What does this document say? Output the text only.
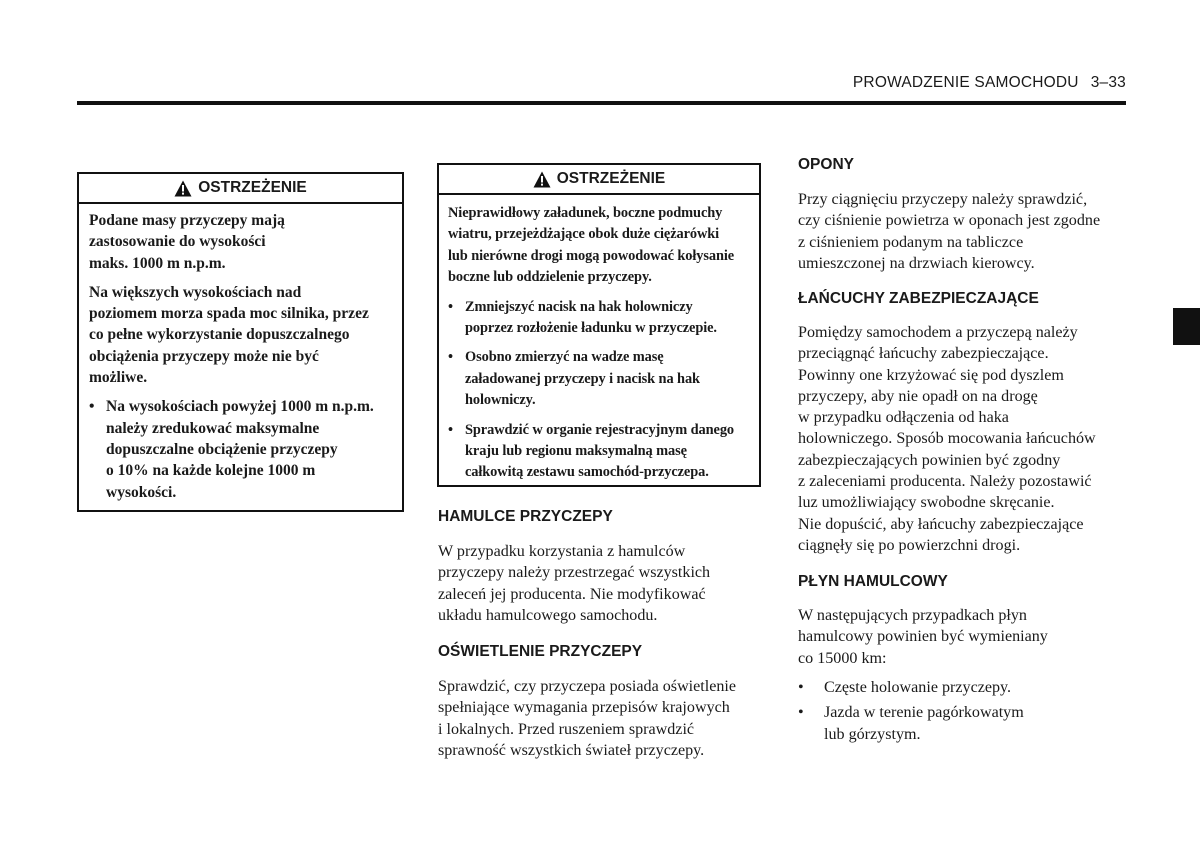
PROWADZENIE SAMOCHODU 3–33
OSTRZEŻENIE

Podane masy przyczepy mają
zastosowanie do wysokości
maks. 1000 m n.p.m.

Na większych wysokościach nad
poziomem morza spada moc silnika, przez
co pełne wykorzystanie dopuszczalnego
obciążenia przyczepy może nie być
możliwe.

• Na wysokościach powyżej 1000 m n.p.m.
należy zredukować maksymalne
dopuszczalne obciążenie przyczepy
o 10% na każde kolejne 1000 m
wysokości.
OSTRZEŻENIE

Nieprawidłowy załadunek, boczne podmuchy
wiatru, przejeżdżające obok duże ciężarówki
lub nierówne drogi mogą powodować kołysanie
boczne lub oddzielenie przyczepy.

• Zmniejszyć nacisk na hak holowniczy
poprzez rozłożenie ładunku w przyczepie.
• Osobno zmierzyć na wadze masę
załadowanej przyczepy i nacisk na hak
holowniczy.
• Sprawdzić w organie rejestracyjnym danego
kraju lub regionu maksymalną masę
całkowitą zestawu samochód-przyczepa.
HAMULCE PRZYCZEPY

W przypadku korzystania z hamulców
przyczepy należy przestrzegać wszystkich
zaleceń jej producenta. Nie modyfikować
układu hamulcowego samochodu.

OŚWIETLENIE PRZYCZEPY

Sprawdzić, czy przyczepa posiada oświetlenie
spełniające wymagania przepisów krajowych
i lokalnych. Przed ruszeniem sprawdzić
sprawność wszystkich świateł przyczepy.

OPONY

Przy ciągnięciu przyczepy należy sprawdzić,
czy ciśnienie powietrza w oponach jest zgodne
z ciśnieniem podanym na tabliczce
umieszczonej na drzwiach kierowcy.

ŁAŃCUCHY ZABEZPIECZAJĄCE

Pomiędzy samochodem a przyczepą należy
przeciągnąć łańcuchy zabezpieczające.
Powinny one krzyżować się pod dyszlem
przyczepy, aby nie opadł on na drogę
w przypadku odłączenia od haka
holowniczego. Sposób mocowania łańcuchów
zabezpieczających powinien być zgodny
z zaleceniami producenta. Należy pozostawić
luz umożliwiający swobodne skręcanie.
Nie dopuścić, aby łańcuchy zabezpieczające
ciągnęły się po powierzchni drogi.

PŁYN HAMULCOWY

W następujących przypadkach płyn
hamulcowy powinien być wymieniany
co 15000 km:

•	Częste holowanie przyczepy.
•	Jazda w terenie pagórkowatym
lub górzystym.
